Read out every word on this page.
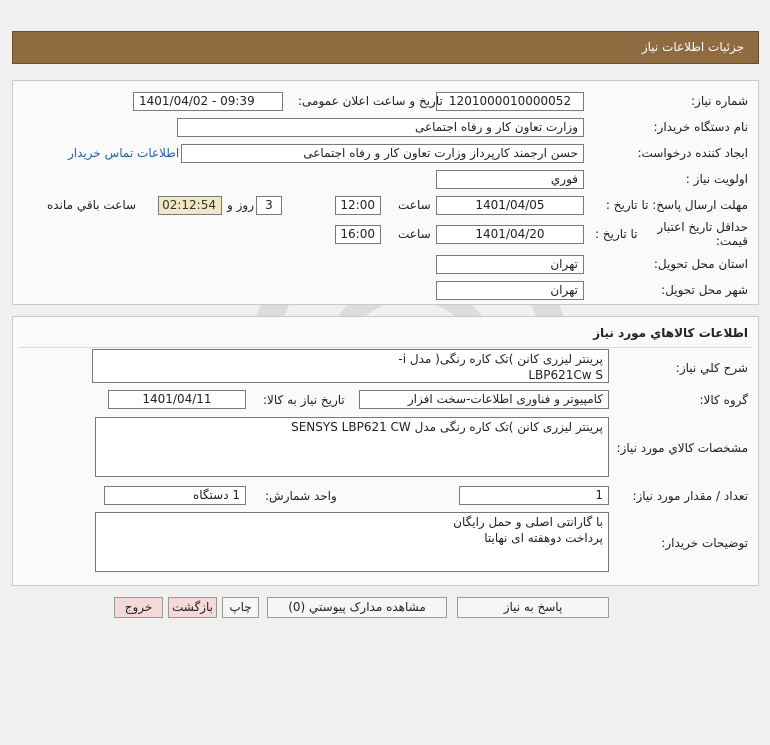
جزئيات اطلاعات نياز
شماره نياز:
1201000010000052
تاريخ و ساعت اعلان عمومی:
1401/04/02 - 09:39
نام دستگاه خريدار:
وزارت تعاون کار و رفاه اجتماعی
ايجاد کننده درخواست:
حسن ارجمند کارپرداز وزارت تعاون کار و رفاه اجتماعی
اطلاعات تماس خريدار
اولويت نياز :
فوري
مهلت ارسال پاسخ: تا تاريخ :
1401/04/05
ساعت
12:00
3
روز و
02:12:54
ساعت باقي مانده
حداقل تاريخ اعتبار
قيمت:
تا تاريخ :
1401/04/20
ساعت
16:00
استان محل تحويل:
تهران
شهر محل تحويل:
تهران
اطلاعات کالاهاي مورد نياز
شرح کلي نياز:
پرينتر ليزری کانن )تک کاره رنگی( مدل i-
LBP621Cw S
گروه کالا:
کامپيوتر و فناوری اطلاعات-سخت افزار
تاريخ نياز به کالا:
1401/04/11
مشخصات کالاي مورد نياز:
پرينتر ليزری کانن )تک کاره رنگی مدل SENSYS LBP621 CW
تعداد / مقدار مورد نياز:
1
واحد شمارش:
1 دستگاه
توضيحات خريدار:
با گارانتی اصلی و حمل رايگان
پرداخت دوهفته ای نهايتا
پاسخ به نياز
مشاهده مدارک پيوستي (0)
چاپ
بازگشت
خروج
